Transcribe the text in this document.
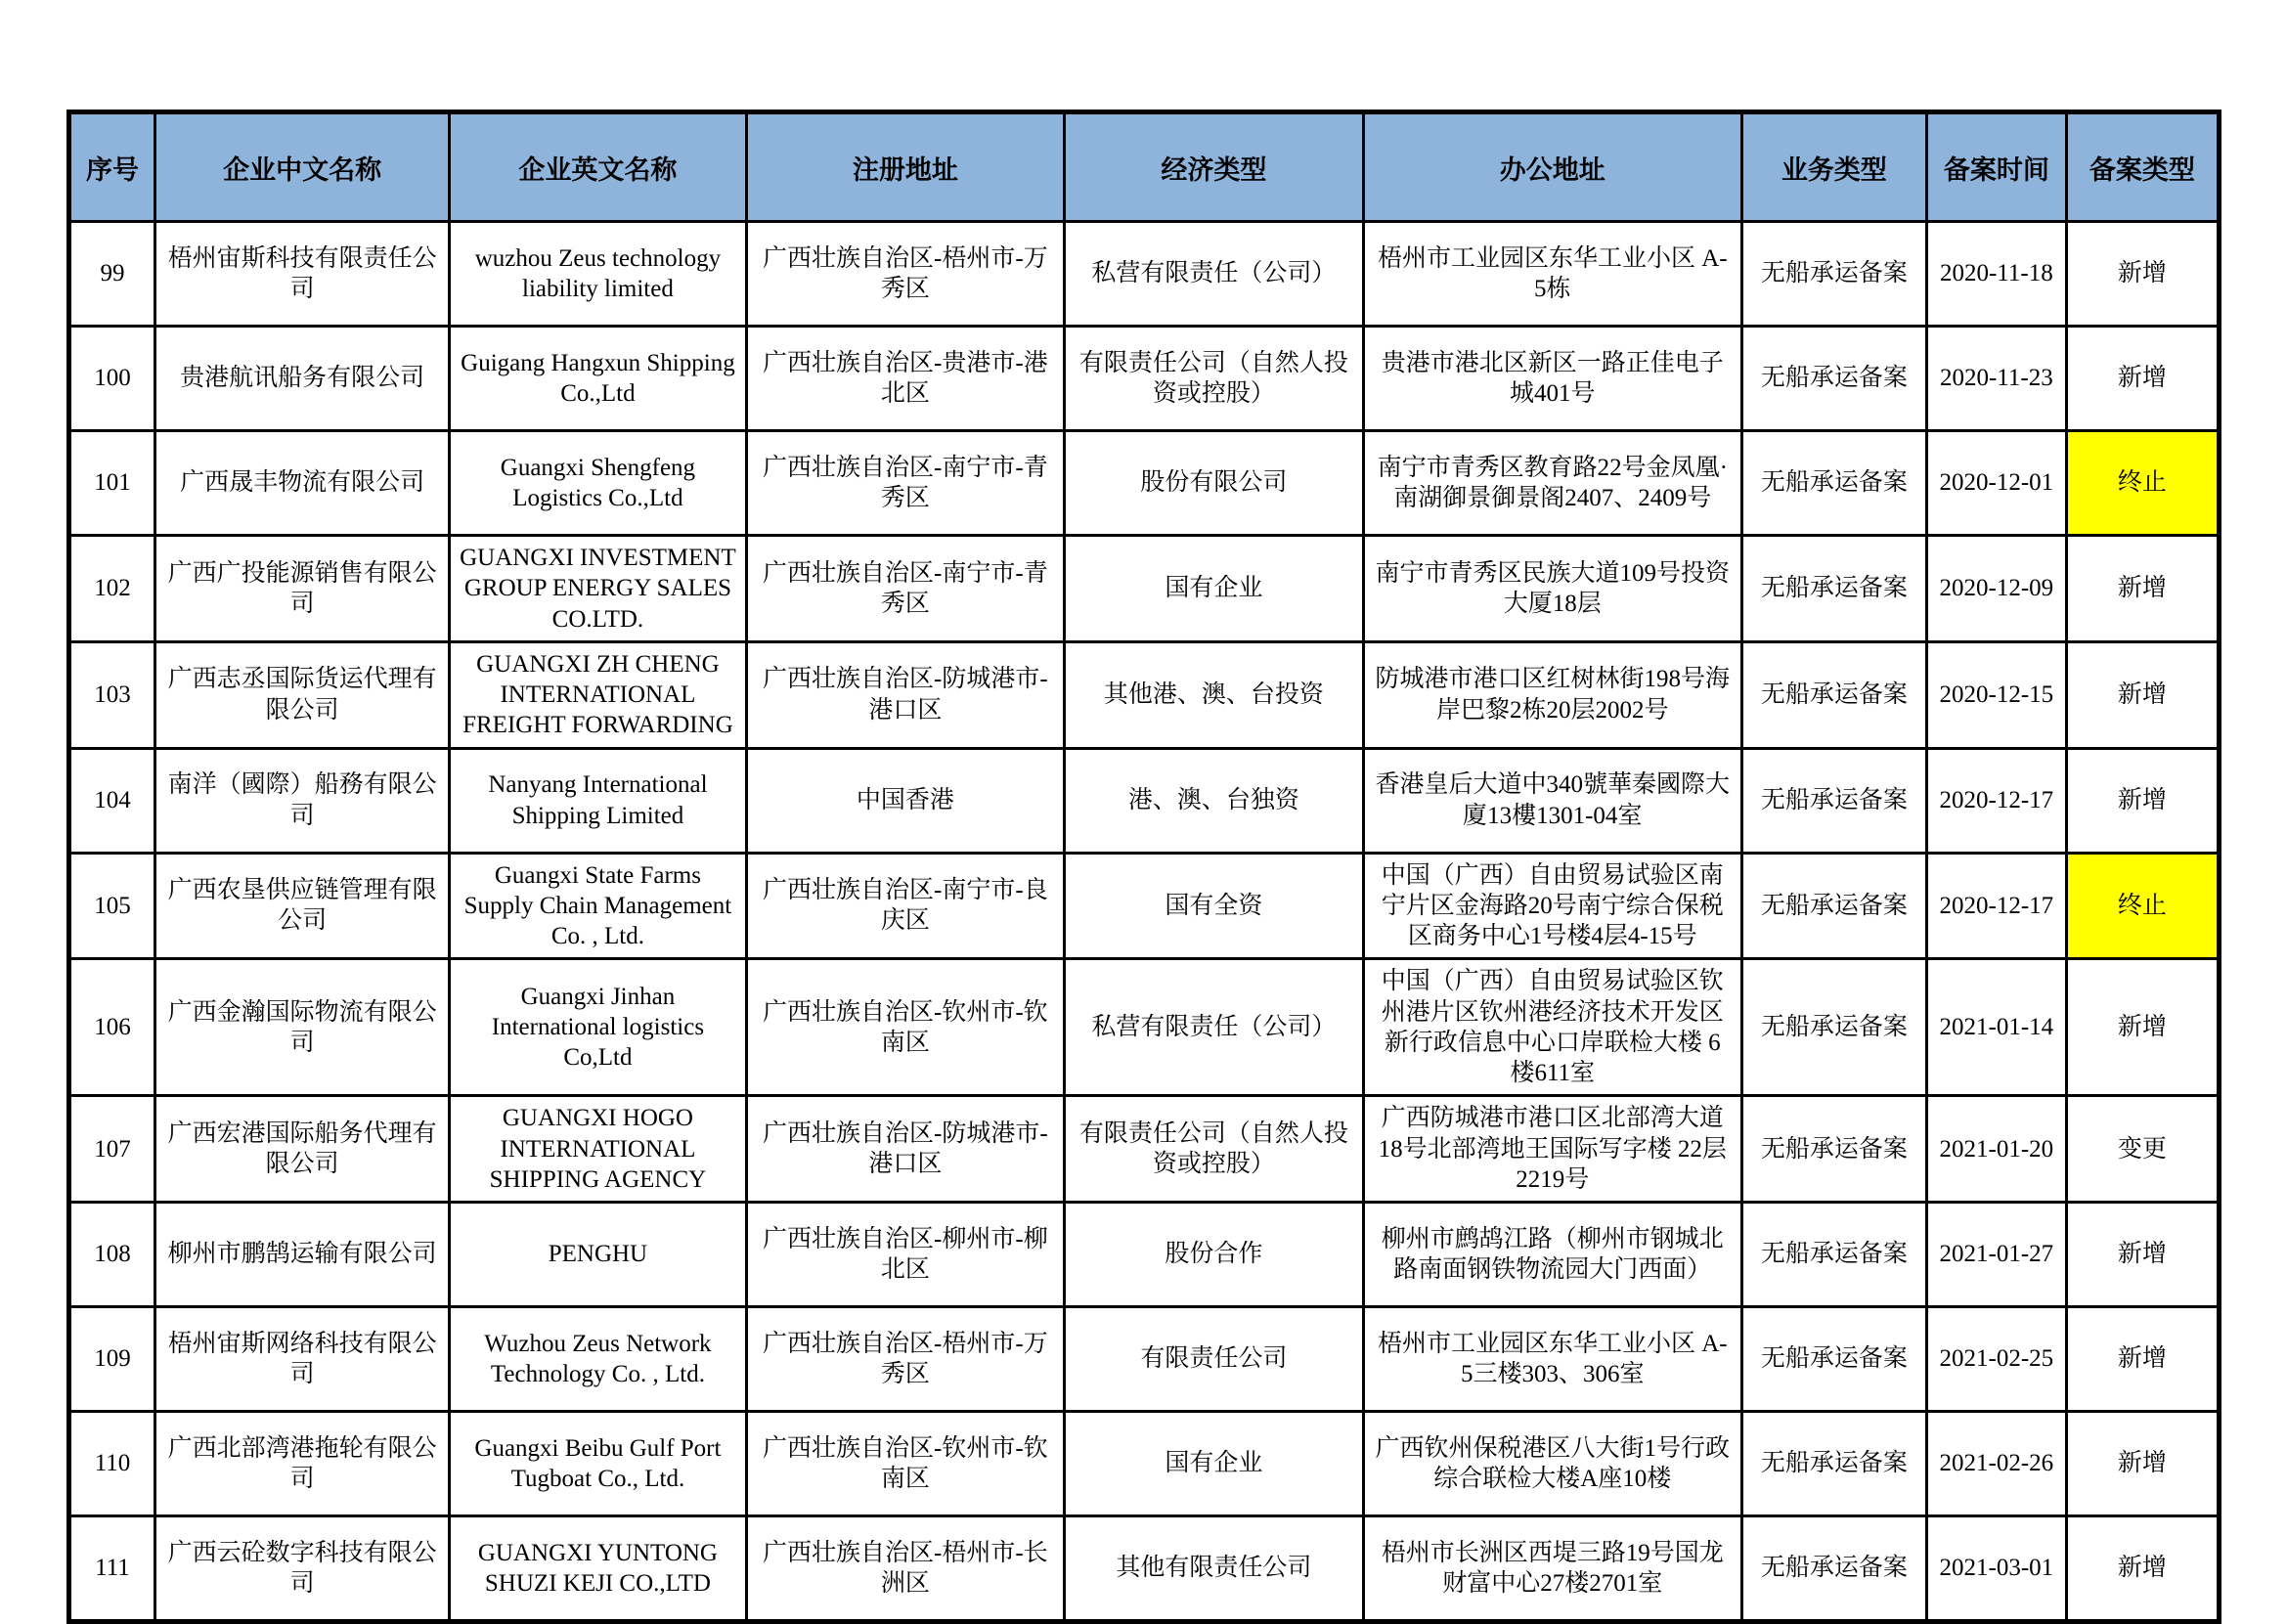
序号	企业中文名称	企业英文名称	注册地址	经济类型	办公地址	业务类型	备案时间	备案类型
99	梧州宙斯科技有限责任公司	wuzhou Zeus technology liability limited	广西壮族自治区-梧州市-万秀区	私营有限责任（公司）	梧州市工业园区东华工业小区 A-5栋	无船承运备案	2020-11-18	新增
100	贵港航讯船务有限公司	Guigang Hangxun Shipping Co.,Ltd	广西壮族自治区-贵港市-港北区	有限责任公司（自然人投资或控股）	贵港市港北区新区一路正佳电子城401号	无船承运备案	2020-11-23	新增
101	广西晟丰物流有限公司	Guangxi Shengfeng Logistics Co.,Ltd	广西壮族自治区-南宁市-青秀区	股份有限公司	南宁市青秀区教育路22号金凤凰·南湖御景御景阁2407、2409号	无船承运备案	2020-12-01	终止
102	广西广投能源销售有限公司	GUANGXI INVESTMENT GROUP ENERGY SALES CO.LTD.	广西壮族自治区-南宁市-青秀区	国有企业	南宁市青秀区民族大道109号投资大厦18层	无船承运备案	2020-12-09	新增
103	广西志丞国际货运代理有限公司	GUANGXI ZH CHENG INTERNATIONAL FREIGHT FORWARDING	广西壮族自治区-防城港市-港口区	其他港、澳、台投资	防城港市港口区红树林街198号海岸巴黎2栋20层2002号	无船承运备案	2020-12-15	新增
104	南洋（國際）船務有限公司	Nanyang International Shipping Limited	中国香港	港、澳、台独资	香港皇后大道中340號華秦國際大廈13樓1301-04室	无船承运备案	2020-12-17	新增
105	广西农垦供应链管理有限公司	Guangxi State Farms Supply Chain Management Co. , Ltd.	广西壮族自治区-南宁市-良庆区	国有全资	中国（广西）自由贸易试验区南宁片区金海路20号南宁综合保税区商务中心1号楼4层4-15号	无船承运备案	2020-12-17	终止
106	广西金瀚国际物流有限公司	Guangxi Jinhan International logistics Co,Ltd	广西壮族自治区-钦州市-钦南区	私营有限责任（公司）	中国（广西）自由贸易试验区钦州港片区钦州港经济技术开发区新行政信息中心口岸联检大楼 6楼611室	无船承运备案	2021-01-14	新增
107	广西宏港国际船务代理有限公司	GUANGXI HOGO INTERNATIONAL SHIPPING AGENCY	广西壮族自治区-防城港市-港口区	有限责任公司（自然人投资或控股）	广西防城港市港口区北部湾大道 18号北部湾地王国际写字楼 22层2219号	无船承运备案	2021-01-20	变更
108	柳州市鹏鹄运输有限公司	PENGHU	广西壮族自治区-柳州市-柳北区	股份合作	柳州市鹧鸪江路（柳州市钢城北路南面钢铁物流园大门西面）	无船承运备案	2021-01-27	新增
109	梧州宙斯网络科技有限公司	Wuzhou Zeus Network Technology Co. , Ltd.	广西壮族自治区-梧州市-万秀区	有限责任公司	梧州市工业园区东华工业小区 A-5三楼303、306室	无船承运备案	2021-02-25	新增
110	广西北部湾港拖轮有限公司	Guangxi Beibu Gulf Port Tugboat Co., Ltd.	广西壮族自治区-钦州市-钦南区	国有企业	广西钦州保税港区八大街1号行政综合联检大楼A座10楼	无船承运备案	2021-02-26	新增
111	广西云砼数字科技有限公司	GUANGXI YUNTONG SHUZI KEJI CO.,LTD	广西壮族自治区-梧州市-长洲区	其他有限责任公司	梧州市长洲区西堤三路19号国龙财富中心27楼2701室	无船承运备案	2021-03-01	新增
